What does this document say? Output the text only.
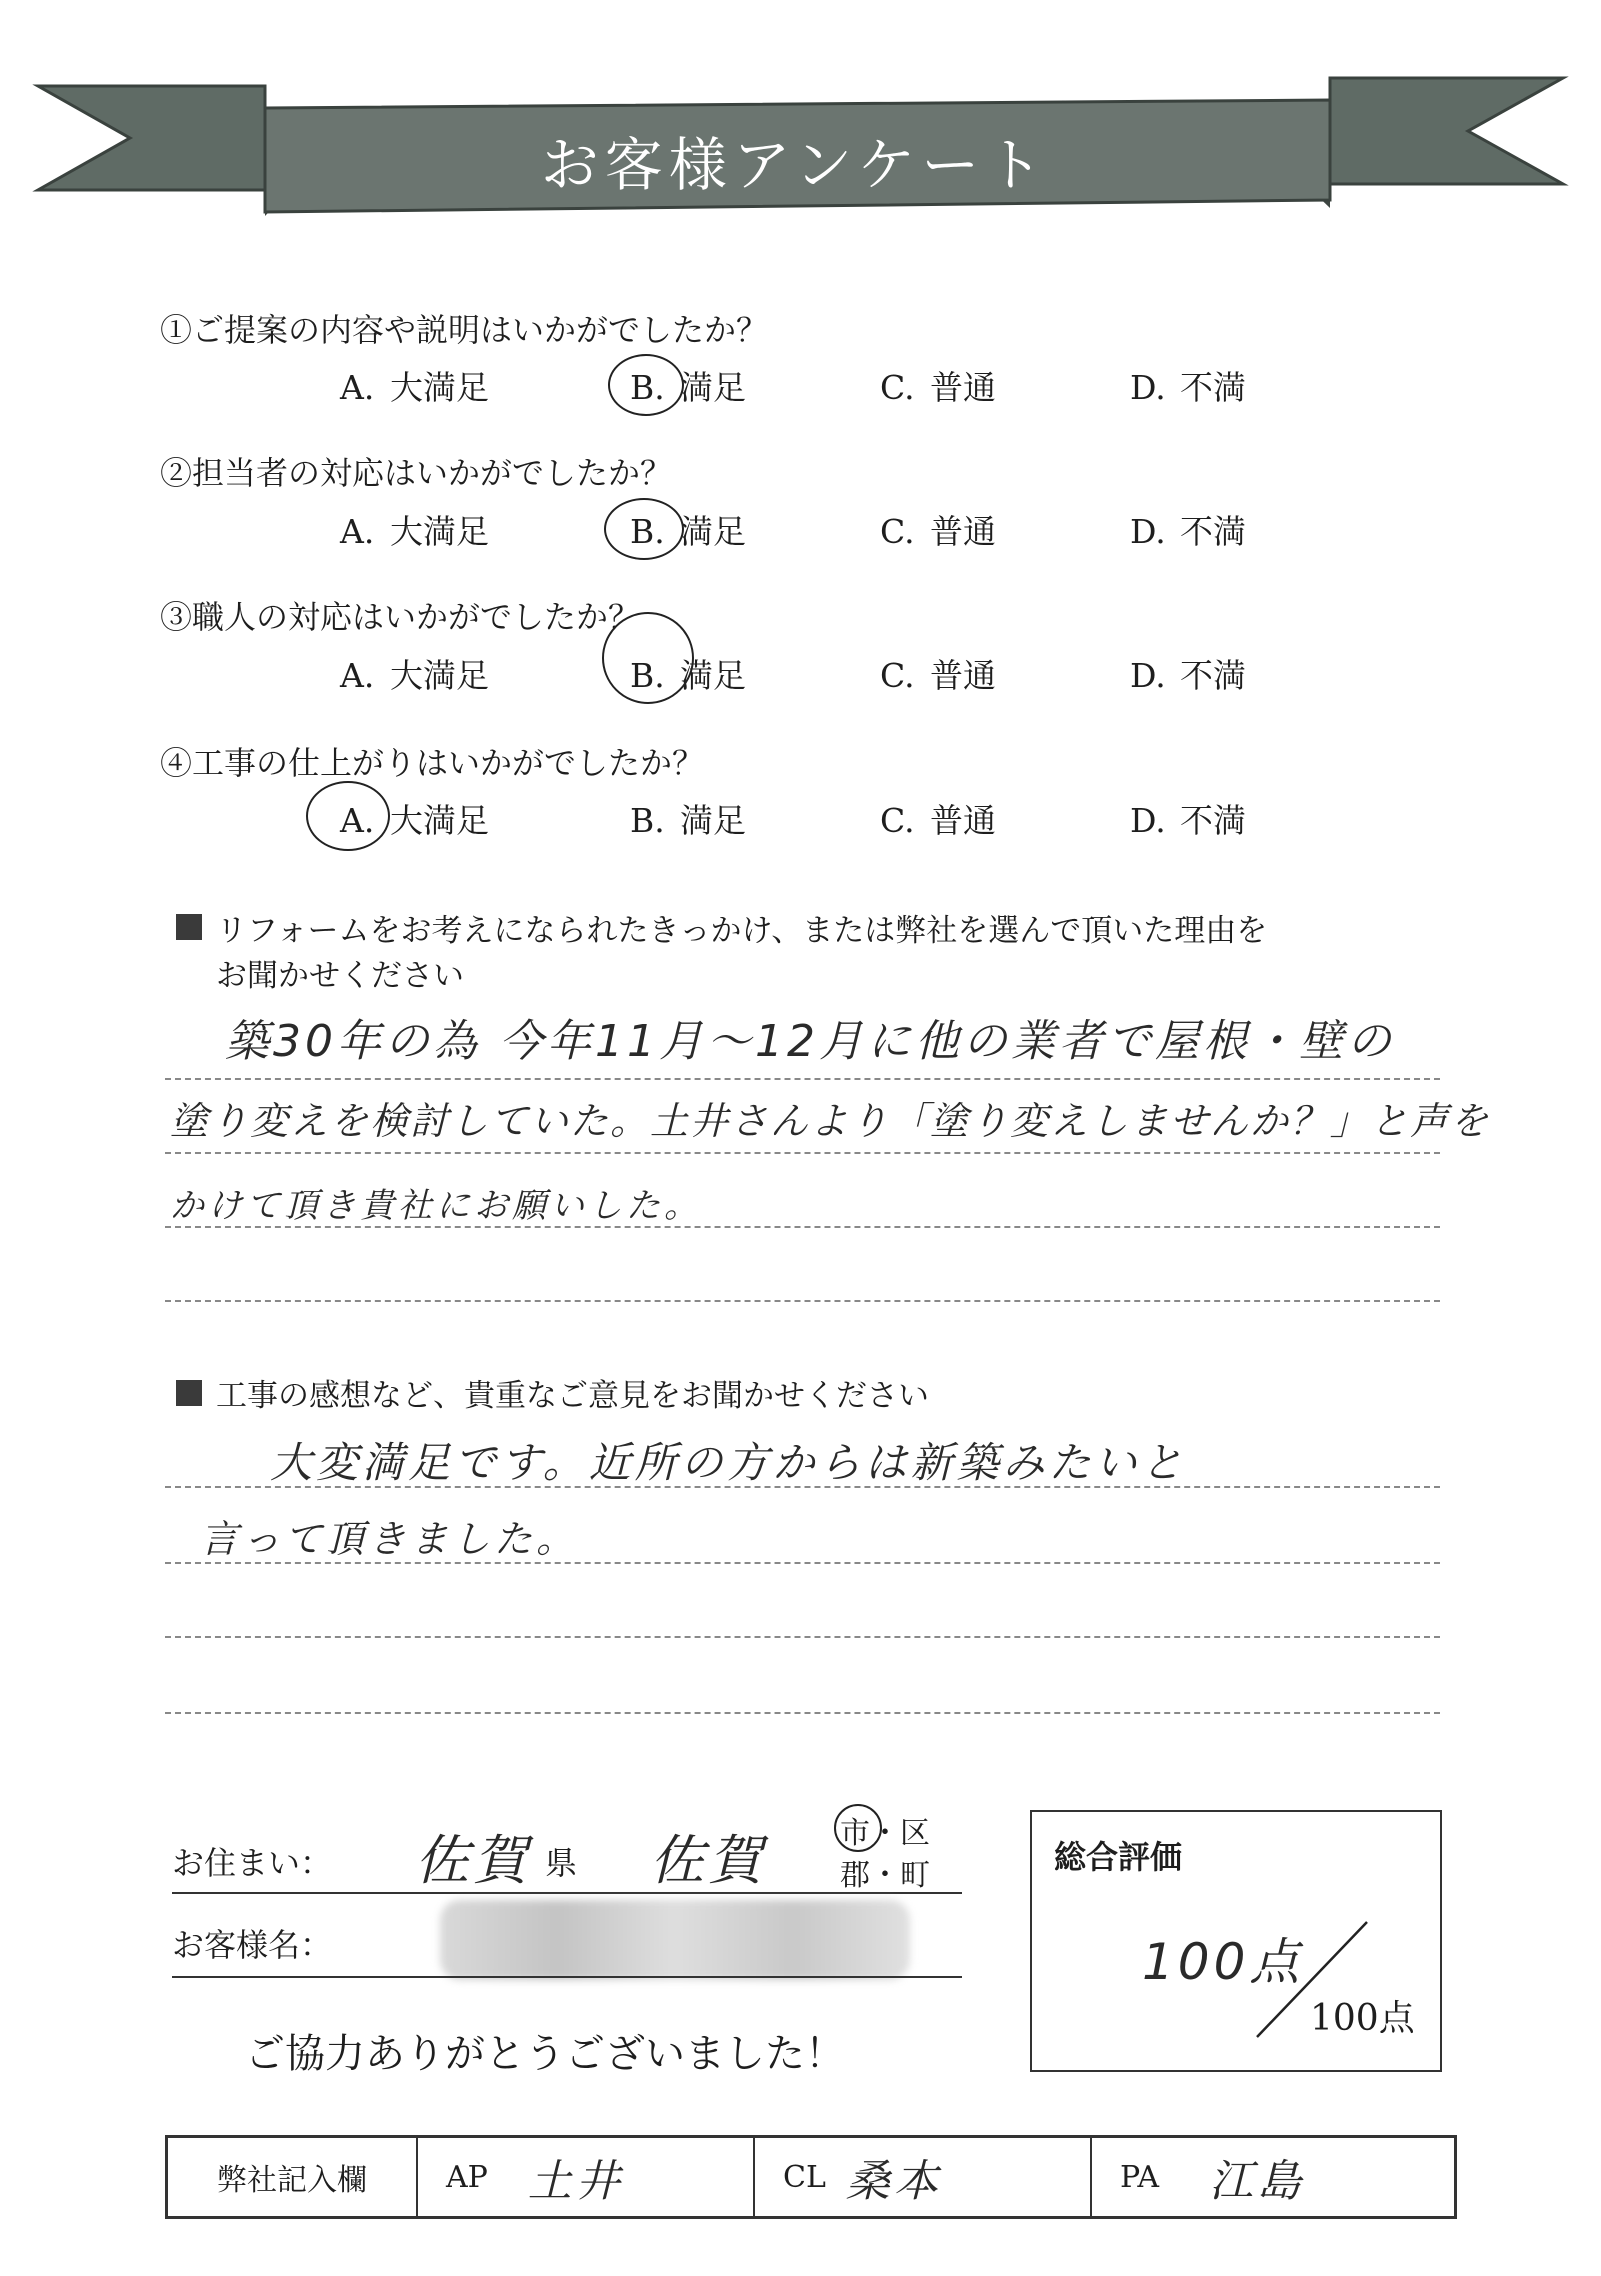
お客様アンケート
①ご提案の内容や説明はいかがでしたか？
A. 大満足	B. 満足	C. 普通	D. 不満
②担当者の対応はいかがでしたか？
A. 大満足	B. 満足	C. 普通	D. 不満
③職人の対応はいかがでしたか？
A. 大満足	B. 満足	C. 普通	D. 不満
④工事の仕上がりはいかがでしたか？
A. 大満足	B. 満足	C. 普通	D. 不満
リフォームをお考えになられたきっかけ、または弊社を選んで頂いた理由を
お聞かせください
築30年の為 今年11月～12月に他の業者で屋根・壁の
塗り変えを検討していた。土井さんより「塗り変えしませんか？」と声を
かけて頂き貴社にお願いした。
工事の感想など、貴重なご意見をお聞かせください
大変満足です。近所の方からは新築みたいと
言って頂きました。
お住まい： 佐賀 県 佐賀 市・区
郡・町
お客様名：
ご協力ありがとうございました！
総合評価
100点
100点
弊社記入欄	AP 土井	CL 桑本	PA 江島
